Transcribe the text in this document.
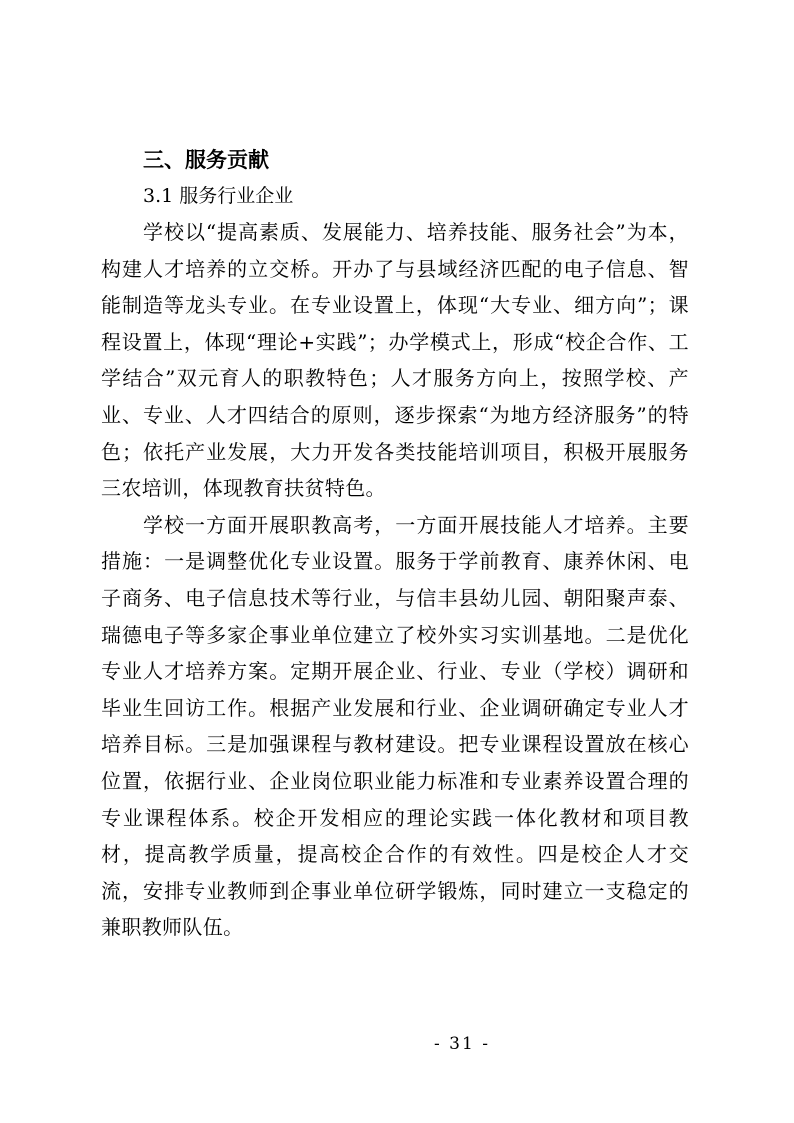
三、服务贡献

3.1 服务行业企业

学校以“提高素质、发展能力、培养技能、服务社会”为本，构建人才培养的立交桥。开办了与县域经济匹配的电子信息、智能制造等龙头专业。在专业设置上，体现“大专业、细方向”；课程设置上，体现“理论+实践”；办学模式上，形成“校企合作、工学结合”双元育人的职教特色；人才服务方向上，按照学校、产业、专业、人才四结合的原则，逐步探索“为地方经济服务”的特色；依托产业发展，大力开发各类技能培训项目，积极开展服务三农培训，体现教育扶贫特色。

学校一方面开展职教高考，一方面开展技能人才培养。主要措施：一是调整优化专业设置。服务于学前教育、康养休闲、电子商务、电子信息技术等行业，与信丰县幼儿园、朝阳聚声泰、瑞德电子等多家企事业单位建立了校外实习实训基地。二是优化专业人才培养方案。定期开展企业、行业、专业（学校）调研和毕业生回访工作。根据产业发展和行业、企业调研确定专业人才培养目标。三是加强课程与教材建设。把专业课程设置放在核心位置，依据行业、企业岗位职业能力标准和专业素养设置合理的专业课程体系。校企开发相应的理论实践一体化教材和项目教材，提高教学质量，提高校企合作的有效性。四是校企人才交流，安排专业教师到企事业单位研学锻炼，同时建立一支稳定的兼职教师队伍。

- 31 -
